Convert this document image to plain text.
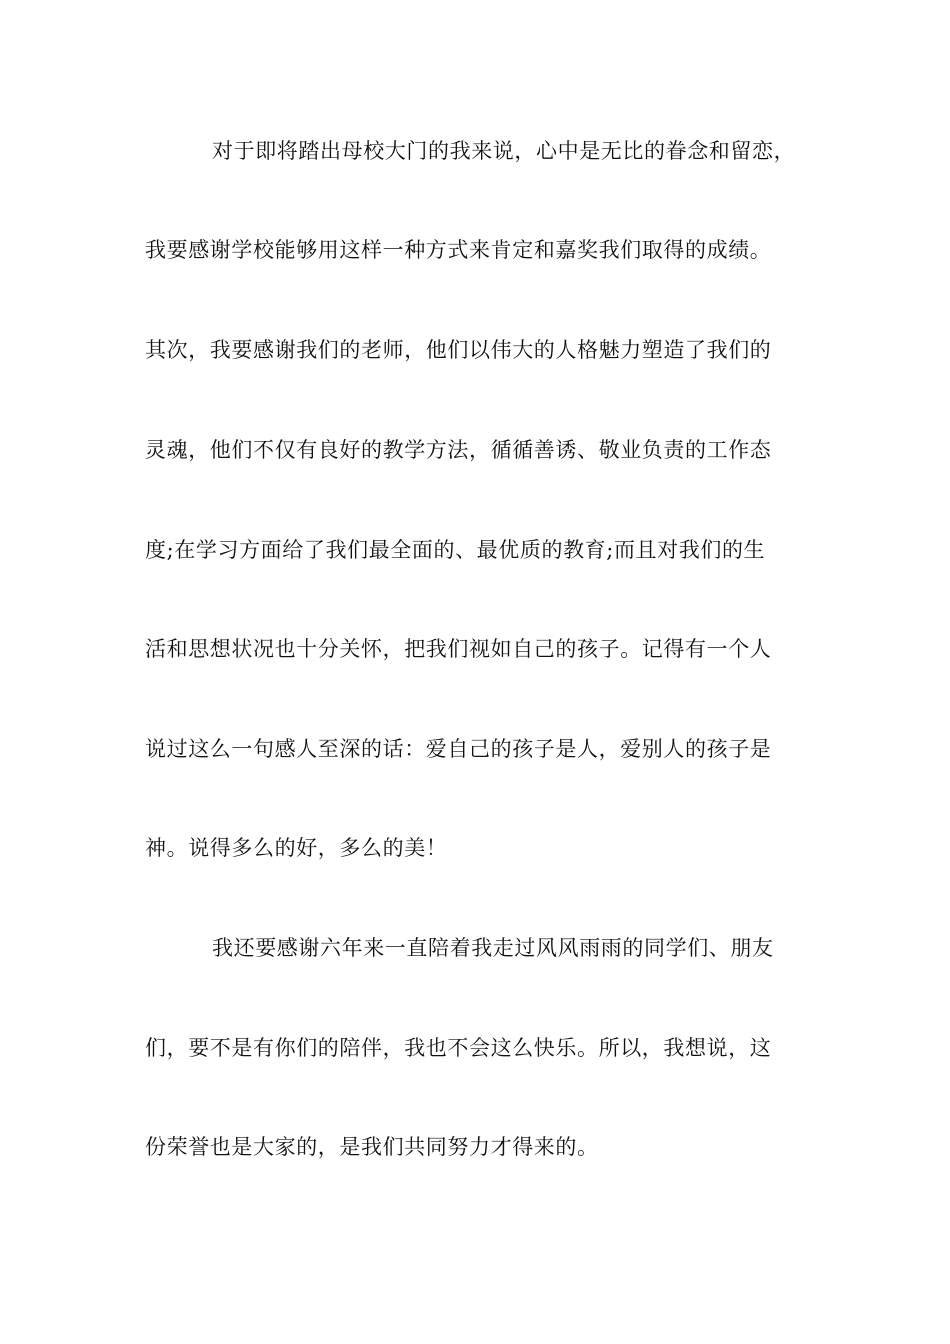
对于即将踏出母校大门的我来说，心中是无比的眷念和留恋，
我要感谢学校能够用这样一种方式来肯定和嘉奖我们取得的成绩。
其次，我要感谢我们的老师，他们以伟大的人格魅力塑造了我们的
灵魂，他们不仅有良好的教学方法，循循善诱、敬业负责的工作态
度;在学习方面给了我们最全面的、最优质的教育;而且对我们的生
活和思想状况也十分关怀，把我们视如自己的孩子。记得有一个人
说过这么一句感人至深的话：爱自己的孩子是人，爱别人的孩子是
神。说得多么的好，多么的美！
我还要感谢六年来一直陪着我走过风风雨雨的同学们、朋友
们，要不是有你们的陪伴，我也不会这么快乐。所以，我想说，这
份荣誉也是大家的，是我们共同努力才得来的。
